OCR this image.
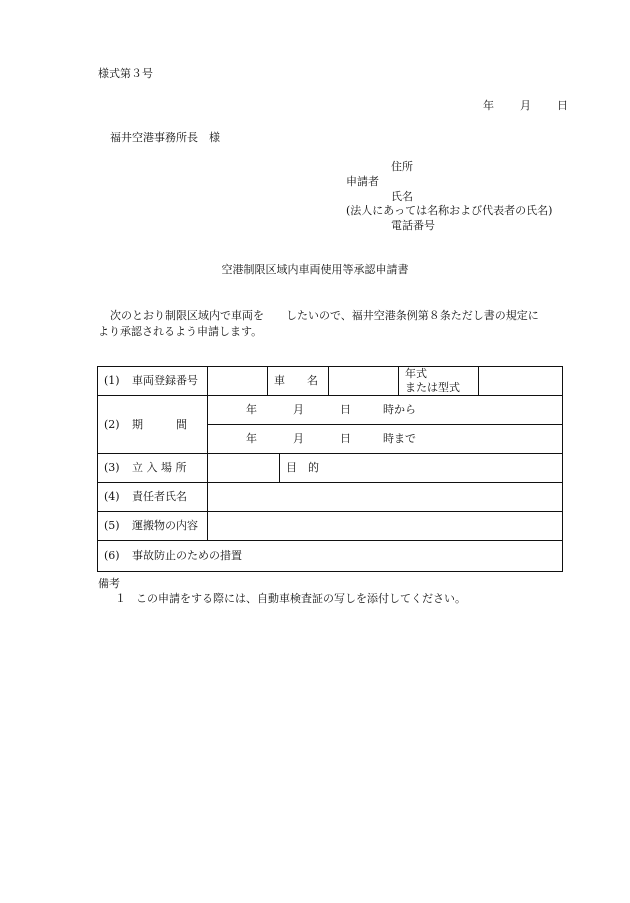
様式第３号
年 月 日
福井空港事務所長　様
住所
申請者
氏名
(法人にあっては名称および代表者の氏名)
電話番号
空港制限区域内車両使用等承認申請書
次のとおり制限区域内で車両を　　したいので、福井空港条例第８条ただし書の規定に
より承認されるよう申請します。
(1) 車両登録番号		車　　名			年式
または型式	

(2) 期　　　間	年 月 日 時から					
	年 月 日 時まで					
(3) 立 入 場 所			目　的			
(4) 責任者氏名						
(5) 運搬物の内容						
(6) 事故防止のための措置						
備考
１ この申請をする際には、自動車検査証の写しを添付してください。
